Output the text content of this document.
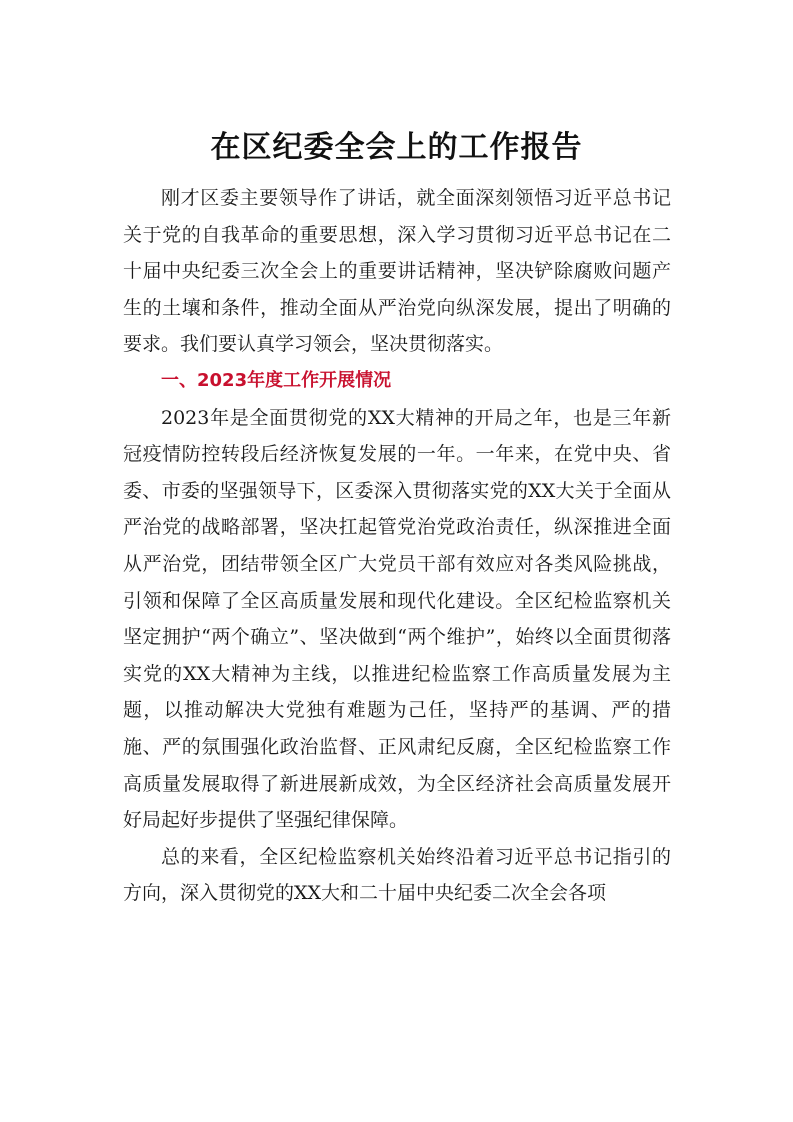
在区纪委全会上的工作报告

刚才区委主要领导作了讲话，就全面深刻领悟习近平总书记关于党的自我革命的重要思想，深入学习贯彻习近平总书记在二十届中央纪委三次全会上的重要讲话精神，坚决铲除腐败问题产生的土壤和条件，推动全面从严治党向纵深发展，提出了明确的要求。我们要认真学习领会，坚决贯彻落实。

一、2023年度工作开展情况

2023年是全面贯彻党的XX大精神的开局之年，也是三年新冠疫情防控转段后经济恢复发展的一年。一年来，在党中央、省委、市委的坚强领导下，区委深入贯彻落实党的XX大关于全面从严治党的战略部署，坚决扛起管党治党政治责任，纵深推进全面从严治党，团结带领全区广大党员干部有效应对各类风险挑战，引领和保障了全区高质量发展和现代化建设。全区纪检监察机关坚定拥护“两个确立”、坚决做到“两个维护”，始终以全面贯彻落实党的XX大精神为主线，以推进纪检监察工作高质量发展为主题，以推动解决大党独有难题为己任，坚持严的基调、严的措施、严的氛围强化政治监督、正风肃纪反腐，全区纪检监察工作高质量发展取得了新进展新成效，为全区经济社会高质量发展开好局起好步提供了坚强纪律保障。

总的来看，全区纪检监察机关始终沿着习近平总书记指引的方向，深入贯彻党的XX大和二十届中央纪委二次全会各项
